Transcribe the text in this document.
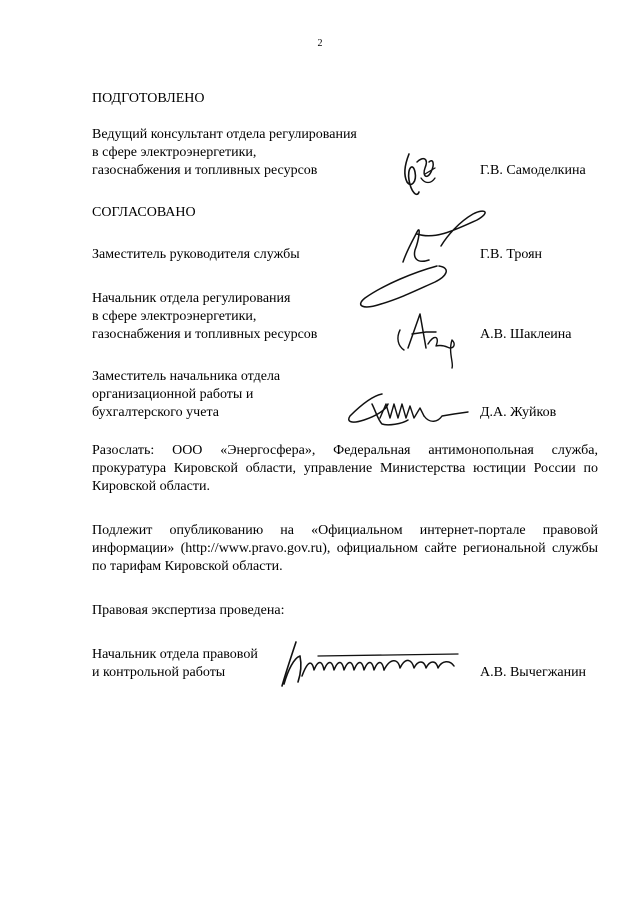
2
ПОДГОТОВЛЕНО
Ведущий консультант отдела регулирования
в сфере электроэнергетики,
газоснабжения и топливных ресурсов	Г.В. Самоделкина
СОГЛАСОВАНО
Заместитель руководителя службы	Г.В. Троян
Начальник отдела регулирования
в сфере электроэнергетики,
газоснабжения и топливных ресурсов	А.В. Шаклеина
Заместитель начальника отдела
организационной работы и
бухгалтерского учета	Д.А. Жуйков
Разослать: ООО «Энергосфера», Федеральная антимонопольная служба, прокуратура Кировской области, управление Министерства юстиции России по Кировской области.
Подлежит опубликованию на «Официальном интернет-портале правовой информации» (http://www.pravo.gov.ru), официальном сайте региональной службы по тарифам Кировской области.
Правовая экспертиза проведена:
Начальник отдела правовой
и контрольной работы	А.В. Вычегжанин
